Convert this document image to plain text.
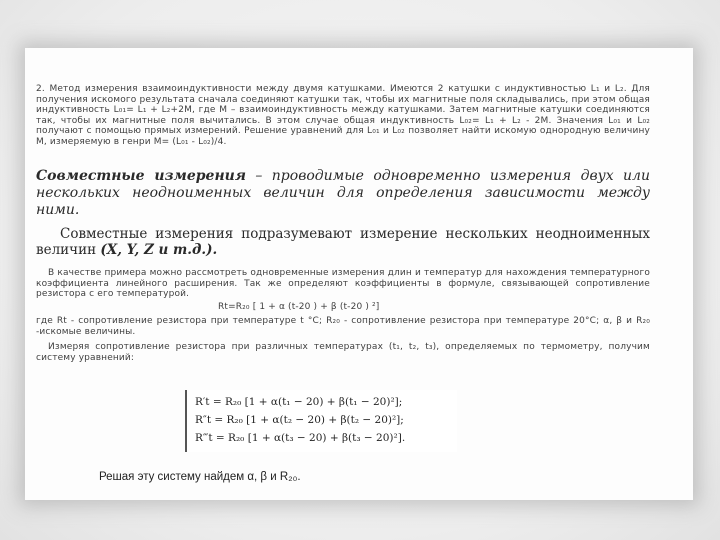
2. Метод измерения взаимоиндуктивности между двумя катушками. Имеются 2 катушки с индуктивностью L₁ и L₂. Для получения искомого результата сначала соединяют катушки так, чтобы их магнитные поля складывались, при этом общая индуктивность L₀₁= L₁ + L₂+2M, где M – взаимоиндуктивность между катушками. Затем магнитные катушки соединяются так, чтобы их магнитные поля вычитались. В этом случае общая индуктивность L₀₂= L₁ + L₂ - 2M. Значения L₀₁ и L₀₂ получают с помощью прямых измерений. Решение уравнений для L₀₁ и L₀₂ позволяет найти искомую однородную величину M, измеряемую в генри M= (L₀₁ - L₀₂)/4.

Совместные измерения – проводимые одновременно измерения двух или нескольких неодноименных величин для определения зависимости между ними.

Совместные измерения подразумевают измерение нескольких неодноименных величин (X, Y, Z и т.д.).

В качестве примера можно рассмотреть одновременные измерения длин и температур для нахождения температурного коэффициента линейного расширения. Так же определяют коэффициенты в формуле, связывающей сопротивление резистора с его температурой.

Rt=R₂₀ [ 1 + α (t-20 ) + β (t-20 ) ²]

где Rt - сопротивление резистора при температуре t °C; R₂₀ - сопротивление резистора при температуре 20°С; α, β и R₂₀ -искомые величины.

Измеряя сопротивление резистора при различных температурах (t₁, t₂, t₃), определяемых по термометру, получим систему уравнений:

R′t = R₂₀ [1 + α(t₁ − 20) + β(t₁ − 20)²];
R″t = R₂₀ [1 + α(t₂ − 20) + β(t₂ − 20)²];
R‴t = R₂₀ [1 + α(t₃ − 20) + β(t₃ − 20)²].
Решая эту систему найдем α, β и R₂₀.
